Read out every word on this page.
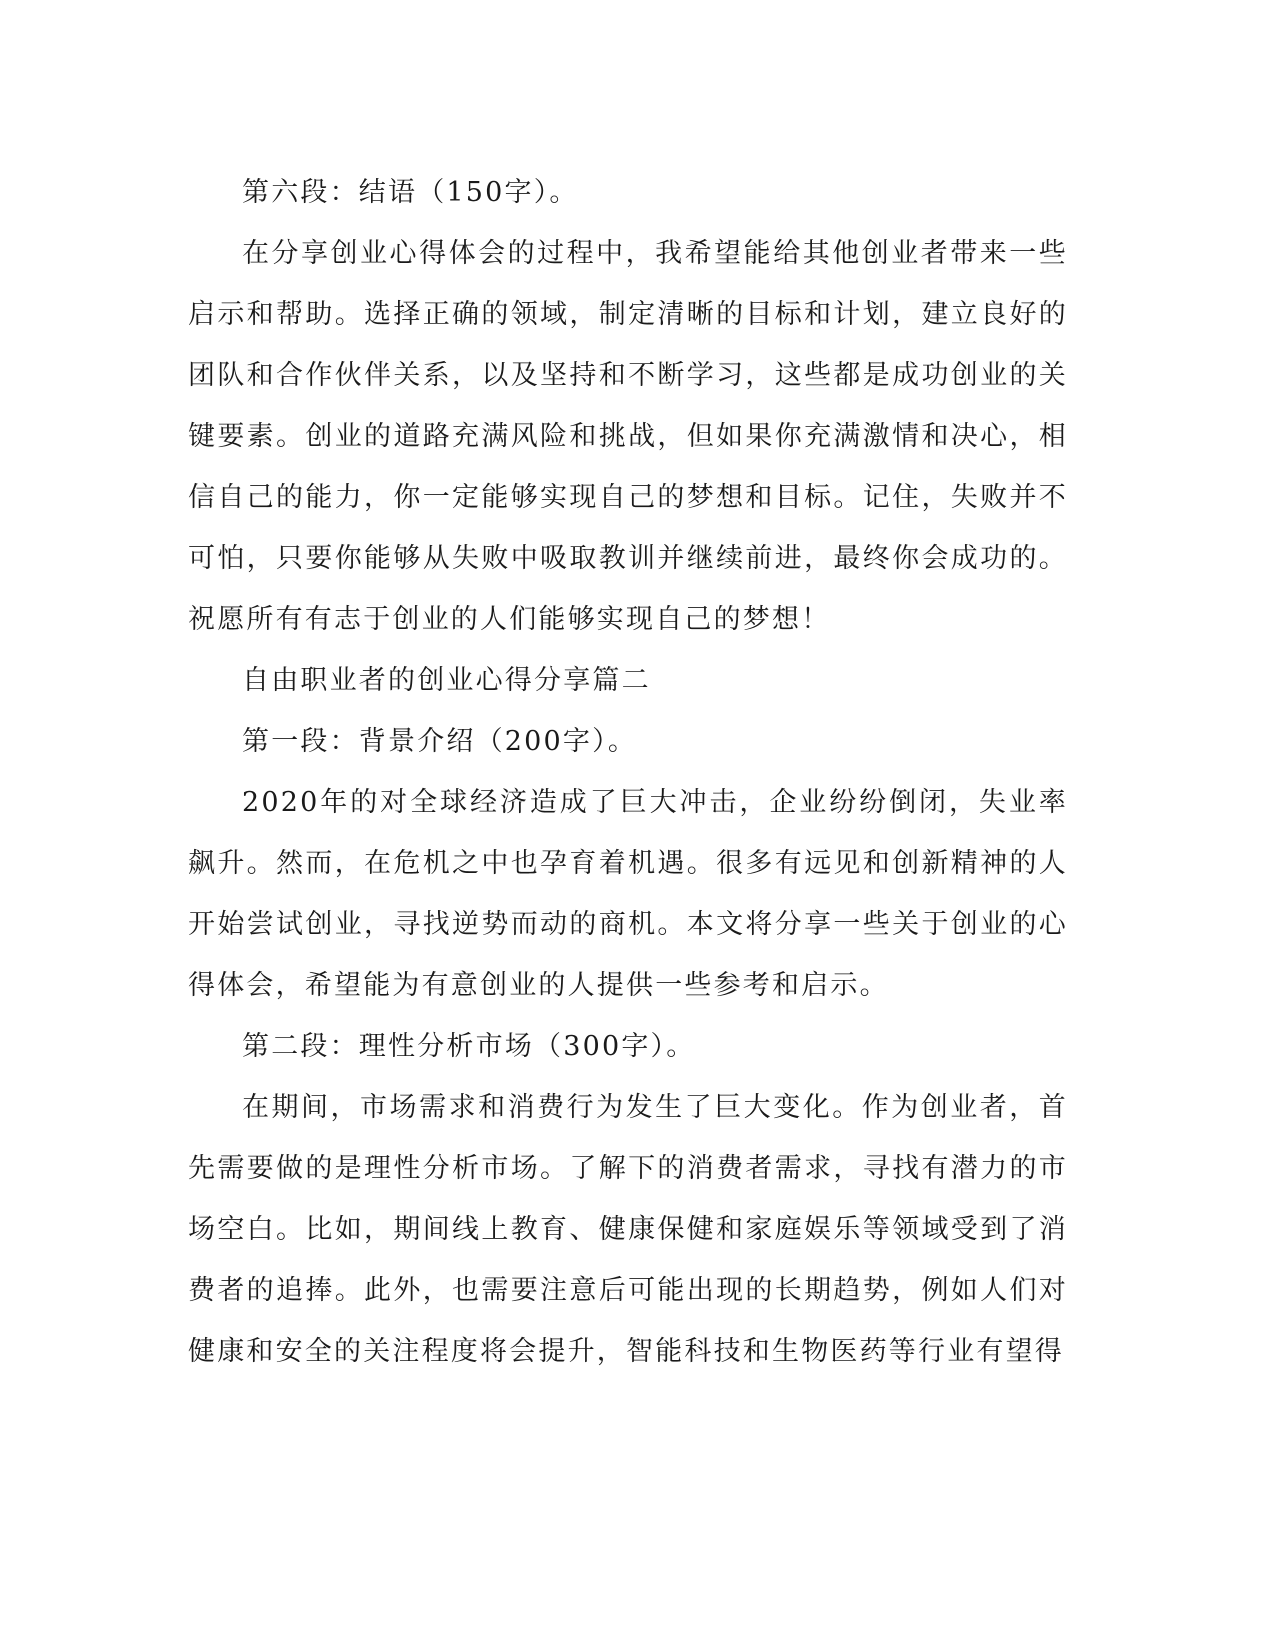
第六段：结语（150字）。

在分享创业心得体会的过程中，我希望能给其他创业者带来一些启示和帮助。选择正确的领域，制定清晰的目标和计划，建立良好的团队和合作伙伴关系，以及坚持和不断学习，这些都是成功创业的关键要素。创业的道路充满风险和挑战，但如果你充满激情和决心，相信自己的能力，你一定能够实现自己的梦想和目标。记住，失败并不可怕，只要你能够从失败中吸取教训并继续前进，最终你会成功的。祝愿所有有志于创业的人们能够实现自己的梦想！

自由职业者的创业心得分享篇二

第一段：背景介绍（200字）。

2020年的对全球经济造成了巨大冲击，企业纷纷倒闭，失业率飙升。然而，在危机之中也孕育着机遇。很多有远见和创新精神的人开始尝试创业，寻找逆势而动的商机。本文将分享一些关于创业的心得体会，希望能为有意创业的人提供一些参考和启示。

第二段：理性分析市场（300字）。

在期间，市场需求和消费行为发生了巨大变化。作为创业者，首先需要做的是理性分析市场。了解下的消费者需求，寻找有潜力的市场空白。比如，期间线上教育、健康保健和家庭娱乐等领域受到了消费者的追捧。此外，也需要注意后可能出现的长期趋势，例如人们对健康和安全的关注程度将会提升，智能科技和生物医药等行业有望得
